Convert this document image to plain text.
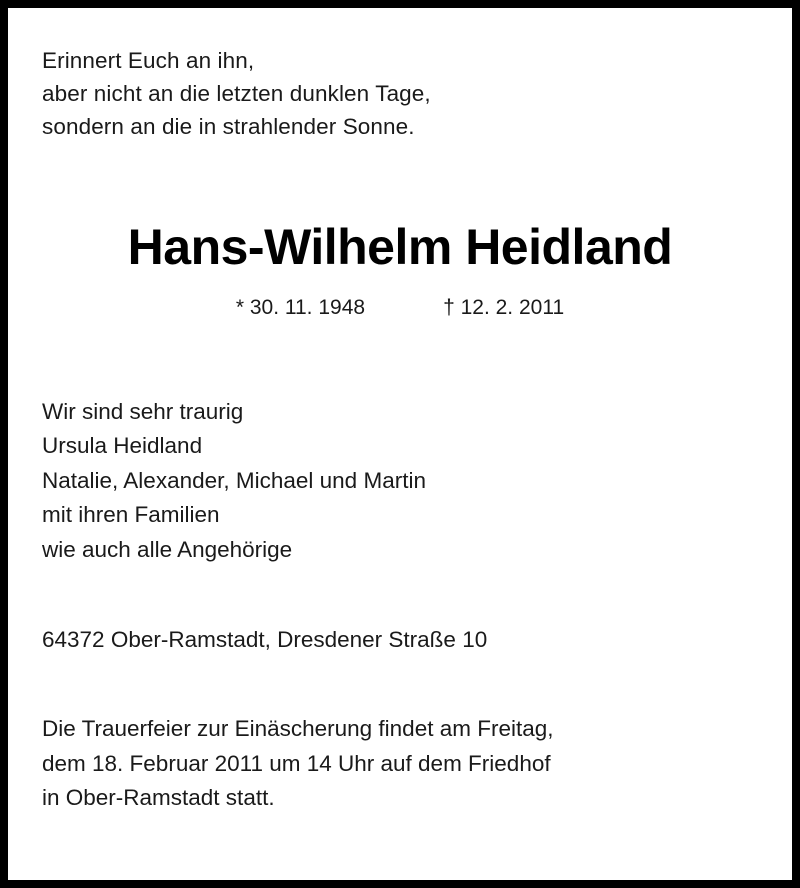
Erinnert Euch an ihn,
aber nicht an die letzten dunklen Tage,
sondern an die in strahlender Sonne.
Hans-Wilhelm Heidland
* 30. 11. 1948	† 12. 2. 2011
Wir sind sehr traurig
Ursula Heidland
Natalie, Alexander, Michael und Martin
mit ihren Familien
wie auch alle Angehörige
64372 Ober-Ramstadt, Dresdener Straße 10
Die Trauerfeier zur Einäscherung findet am Freitag,
dem 18. Februar 2011 um 14 Uhr auf dem Friedhof
in Ober-Ramstadt statt.
